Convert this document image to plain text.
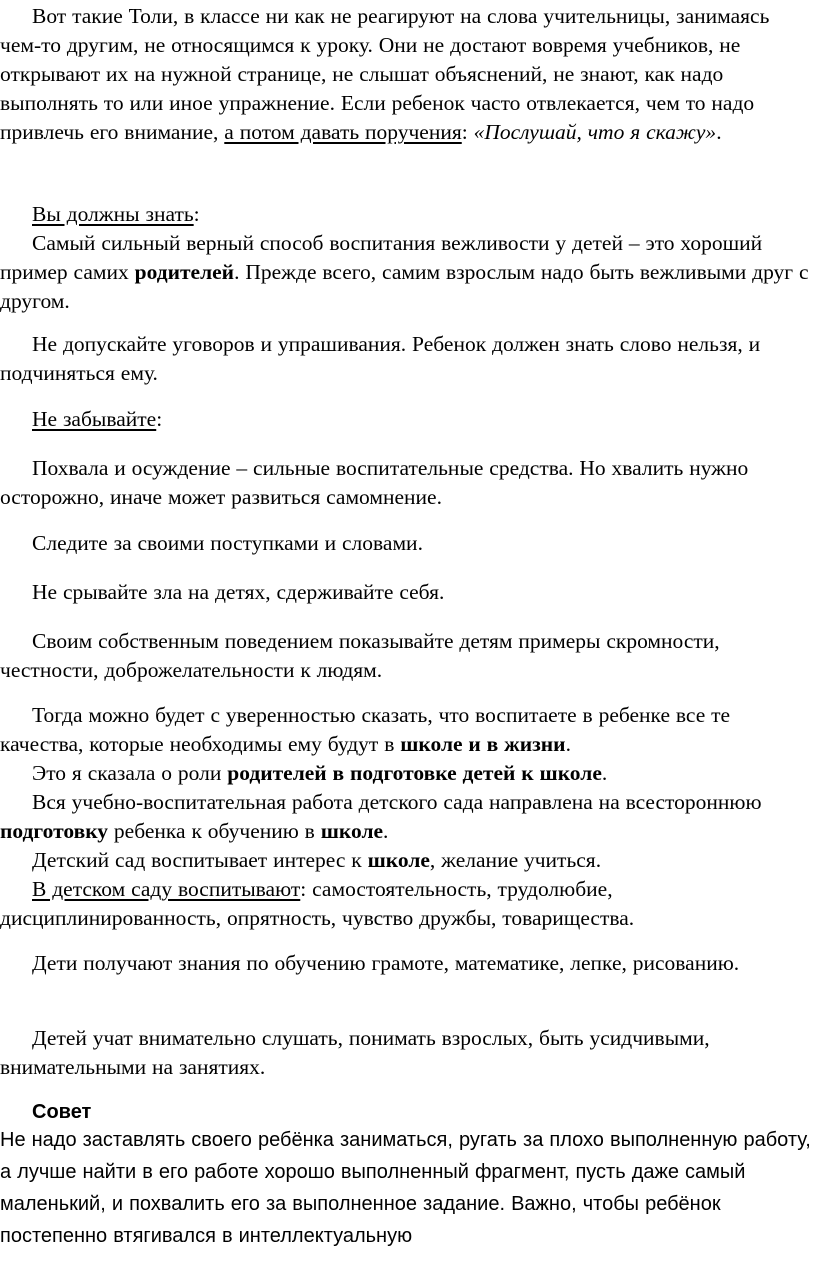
Вот такие Толи, в классе ни как не реагируют на слова учительницы, занимаясь чем-то другим, не относящимся к уроку. Они не достают вовремя учебников, не открывают их на нужной странице, не слышат объяснений, не знают, как надо выполнять то или иное упражнение. Если ребенок часто отвлекается, чем то надо привлечь его внимание, а потом давать поручения: «Послушай, что я скажу».

Вы должны знать:

Самый сильный верный способ воспитания вежливости у детей – это хороший пример самих родителей. Прежде всего, самим взрослым надо быть вежливыми друг с другом.

Не допускайте уговоров и упрашивания. Ребенок должен знать слово нельзя, и подчиняться ему.

Не забывайте:

Похвала и осуждение – сильные воспитательные средства. Но хвалить нужно осторожно, иначе может развиться самомнение.

Следите за своими поступками и словами.

Не срывайте зла на детях, сдерживайте себя.

Своим собственным поведением показывайте детям примеры скромности, честности, доброжелательности к людям.

Тогда можно будет с уверенностью сказать, что воспитаете в ребенке все те качества, которые необходимы ему будут в школе и в жизни.

Это я сказала о роли родителей в подготовке детей к школе.

Вся учебно-воспитательная работа детского сада направлена на всестороннюю подготовку ребенка к обучению в школе.

Детский сад воспитывает интерес к школе, желание учиться.

В детском саду воспитывают: самостоятельность, трудолюбие, дисциплинированность, опрятность, чувство дружбы, товарищества.

Дети получают знания по обучению грамоте, математике, лепке, рисованию.

Детей учат внимательно слушать, понимать взрослых, быть усидчивыми, внимательными на занятиях.

Совет

Не надо заставлять своего ребёнка заниматься, ругать за плохо выполненную работу, а лучше найти в его работе хорошо выполненный фрагмент, пусть даже самый маленький, и похвалить его за выполненное задание. Важно, чтобы ребёнок постепенно втягивался в интеллектуальную
